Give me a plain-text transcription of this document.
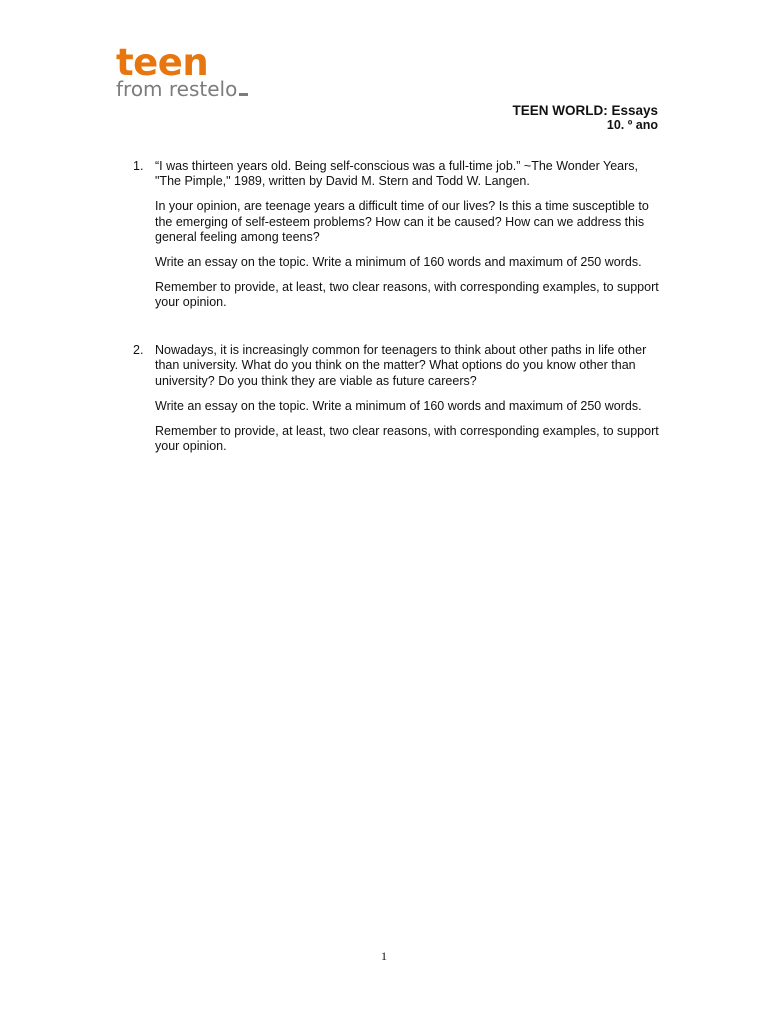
teen
from restelo
TEEN WORLD: Essays
10. º ano
1. “I was thirteen years old. Being self-conscious was a full-time job.” ~The Wonder Years, "The Pimple," 1989, written by David M. Stern and Todd W. Langen.

In your opinion, are teenage years a difficult time of our lives? Is this a time susceptible to the emerging of self-esteem problems? How can it be caused? How can we address this general feeling among teens?

Write an essay on the topic. Write a minimum of 160 words and maximum of 250 words.

Remember to provide, at least, two clear reasons, with corresponding examples, to support your opinion.

2. Nowadays, it is increasingly common for teenagers to think about other paths in life other than university. What do you think on the matter? What options do you know other than university? Do you think they are viable as future careers?

Write an essay on the topic. Write a minimum of 160 words and maximum of 250 words.

Remember to provide, at least, two clear reasons, with corresponding examples, to support your opinion.

1
